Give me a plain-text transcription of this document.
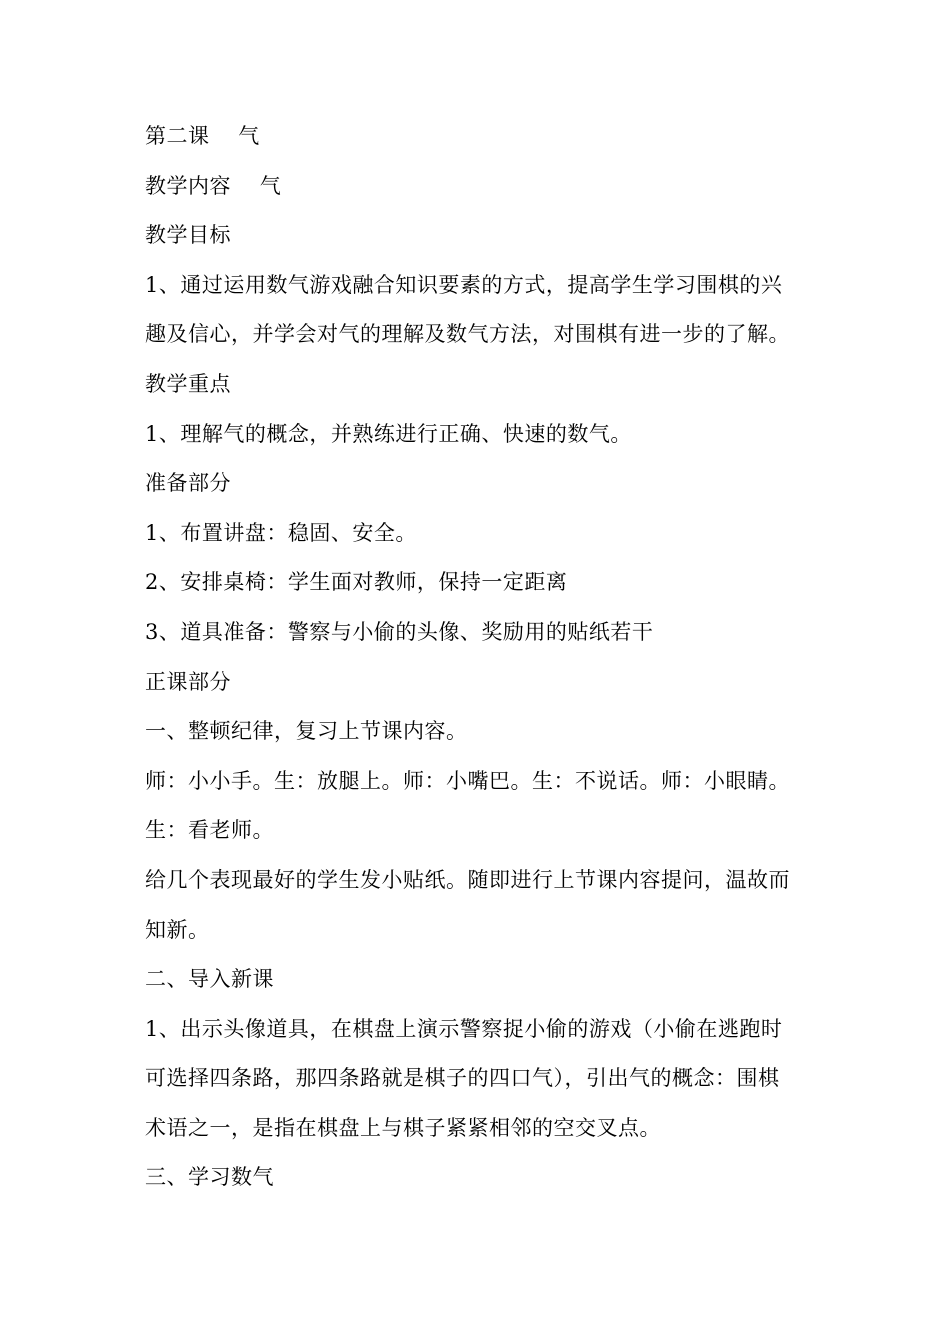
第二课    气
教学内容    气
教学目标
1、通过运用数气游戏融合知识要素的方式，提高学生学习围棋的兴
趣及信心，并学会对气的理解及数气方法，对围棋有进一步的了解。
教学重点
1、理解气的概念，并熟练进行正确、快速的数气。
准备部分
1、布置讲盘：稳固、安全。
2、安排桌椅：学生面对教师，保持一定距离
3、道具准备：警察与小偷的头像、奖励用的贴纸若干
正课部分
一、整顿纪律，复习上节课内容。
师：小小手。生：放腿上。师：小嘴巴。生：不说话。师：小眼睛。
生：看老师。
给几个表现最好的学生发小贴纸。随即进行上节课内容提问，温故而
知新。
二、导入新课
1、出示头像道具，在棋盘上演示警察捉小偷的游戏（小偷在逃跑时
可选择四条路，那四条路就是棋子的四口气），引出气的概念：围棋
术语之一，是指在棋盘上与棋子紧紧相邻的空交叉点。
三、学习数气
